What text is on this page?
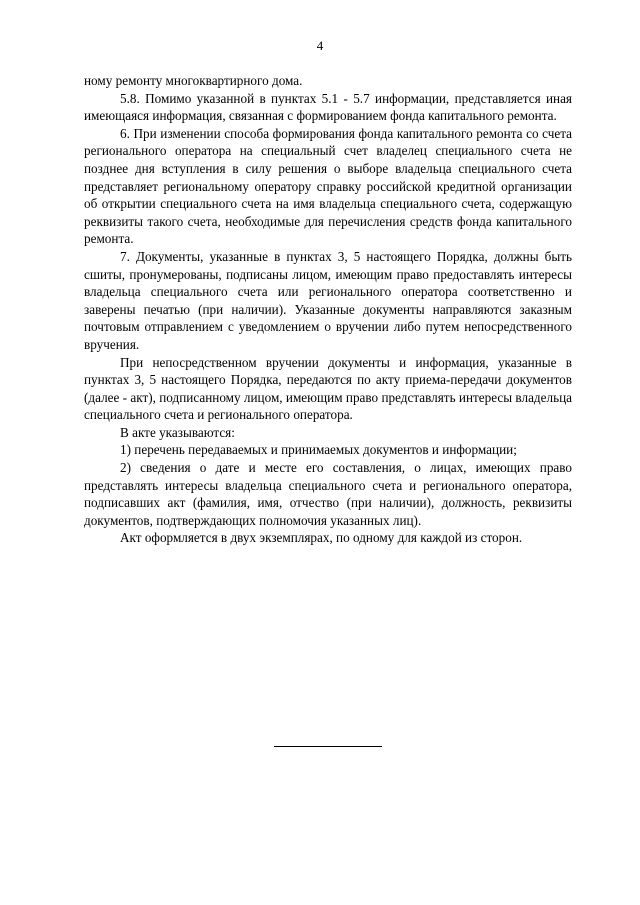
4

ному ремонту многоквартирного дома.

5.8. Помимо указанной в пунктах 5.1 - 5.7 информации, представляется иная имеющаяся информация, связанная с формированием фонда капитального ремонта.

6. При изменении способа формирования фонда капитального ремонта со счета регионального оператора на специальный счет владелец специального счета не позднее дня вступления в силу решения о выборе владельца специального счета представляет региональному оператору справку российской кредитной организации об открытии специального счета на имя владельца специального счета, содержащую реквизиты такого счета, необходимые для перечисления средств фонда капитального ремонта.

7. Документы, указанные в пунктах 3, 5 настоящего Порядка, должны быть сшиты, пронумерованы, подписаны лицом, имеющим право предоставлять интересы владельца специального счета или регионального оператора соответственно и заверены печатью (при наличии). Указанные документы направляются заказным почтовым отправлением с уведомлением о вручении либо путем непосредственного вручения.

При непосредственном вручении документы и информация, указанные в пунктах 3, 5 настоящего Порядка, передаются по акту приема-передачи документов (далее - акт), подписанному лицом, имеющим право представлять интересы владельца специального счета и регионального оператора.

В акте указываются:

1) перечень передаваемых и принимаемых документов и информации;

2) сведения о дате и месте его составления, о лицах, имеющих право представлять интересы владельца специального счета и регионального оператора, подписавших акт (фамилия, имя, отчество (при наличии), должность, реквизиты документов, подтверждающих полномочия указанных лиц).

Акт оформляется в двух экземплярах, по одному для каждой из сторон.
